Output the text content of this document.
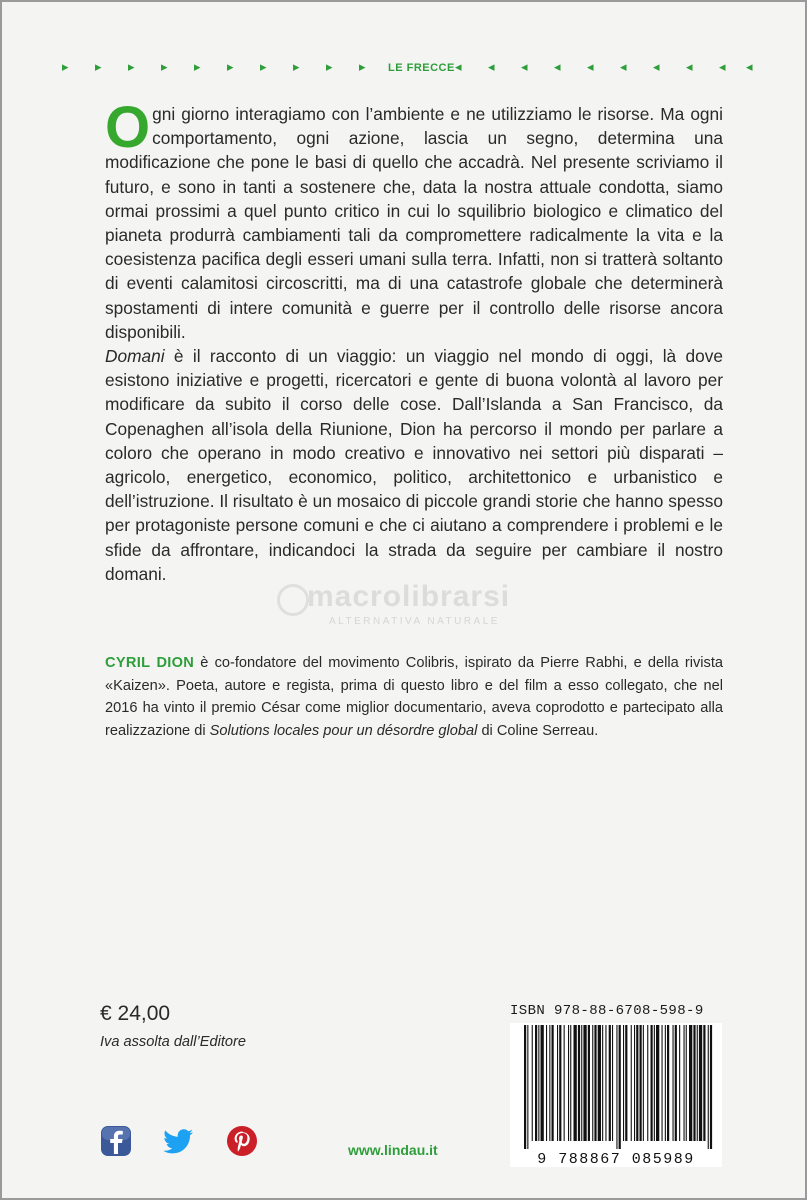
▸ ▸ ▸ ▸ ▸ ▸ ▸ ▸ ▸ ▸ LE FRECCE ◂ ◂ ◂ ◂ ◂ ◂ ◂ ◂ ◂ ◂

Ogni giorno interagiamo con l’ambiente e ne utilizziamo le risorse. Ma ogni comportamento, ogni azione, lascia un segno, determina una modificazione che pone le basi di quello che accadrà. Nel presente scriviamo il futuro, e sono in tanti a sostenere che, data la nostra attuale condotta, siamo ormai prossimi a quel punto critico in cui lo squilibrio biologico e climatico del pianeta produrrà cambiamenti tali da compromettere radicalmente la vita e la coesistenza pacifica degli esseri umani sulla terra. Infatti, non si tratterà soltanto di eventi calamitosi circoscritti, ma di una catastrofe globale che determinerà spostamenti di intere comunità e guerre per il controllo delle risorse ancora disponibili.

Domani è il racconto di un viaggio: un viaggio nel mondo di oggi, là dove esistono iniziative e progetti, ricercatori e gente di buona volontà al lavoro per modificare da subito il corso delle cose. Dall’Islanda a San Francisco, da Copenaghen all’isola della Riunione, Dion ha percorso il mondo per parlare a coloro che operano in modo creativo e innovativo nei settori più disparati – agricolo, energetico, economico, politico, architettonico e urbanistico e dell’istruzione. Il risultato è un mosaico di piccole grandi storie che hanno spesso per protagoniste persone comuni e che ci aiutano a comprendere i problemi e le sfide da affrontare, indicandoci la strada da seguire per cambiare il nostro domani.

macrolibrarsi
ALTERNATIVA NATURALE

CYRIL DION è co-fondatore del movimento Colibris, ispirato da Pierre Rabhi, e della rivista «Kaizen». Poeta, autore e regista, prima di questo libro e del film a esso collegato, che nel 2016 ha vinto il premio César come miglior documentario, aveva coprodotto e partecipato alla realizzazione di Solutions locales pour un désordre global di Coline Serreau.

€ 24,00
Iva assolta dall’Editore
ISBN 978-88-6708-598-9
9 788867 085989
www.lindau.it
